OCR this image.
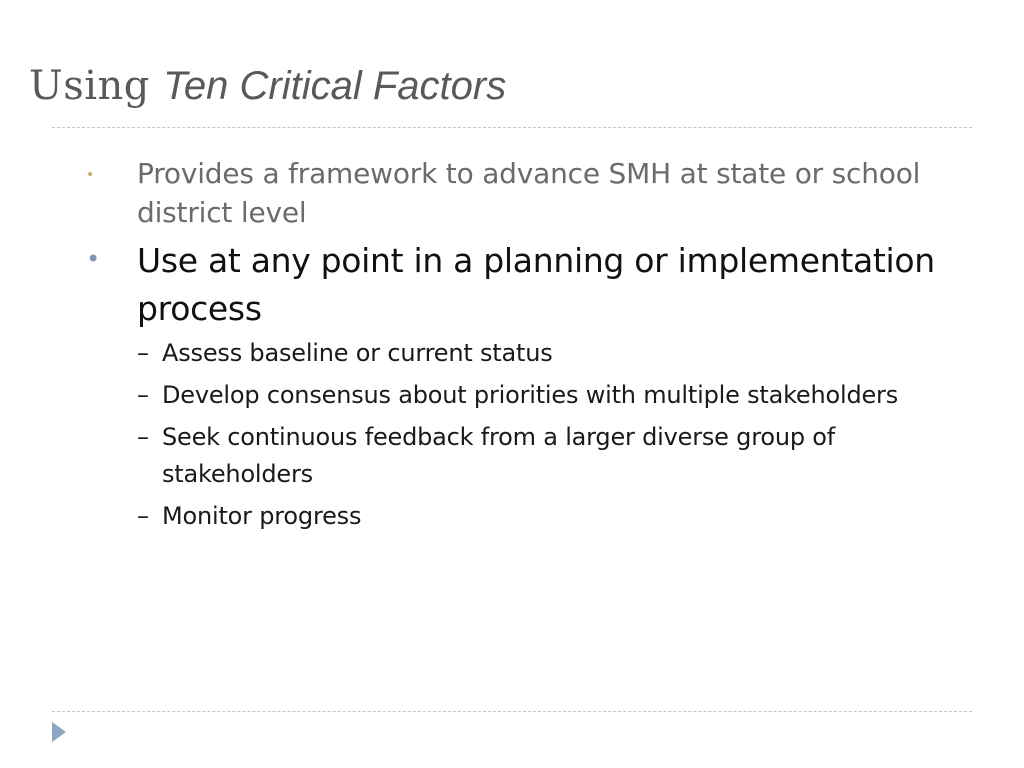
Using Ten Critical Factors
• Provides a framework to advance SMH at state or school district level
• Use at any point in a planning or implementation process
– Assess baseline or current status
– Develop consensus about priorities with multiple stakeholders
– Seek continuous feedback from a larger diverse group of stakeholders
– Monitor progress
